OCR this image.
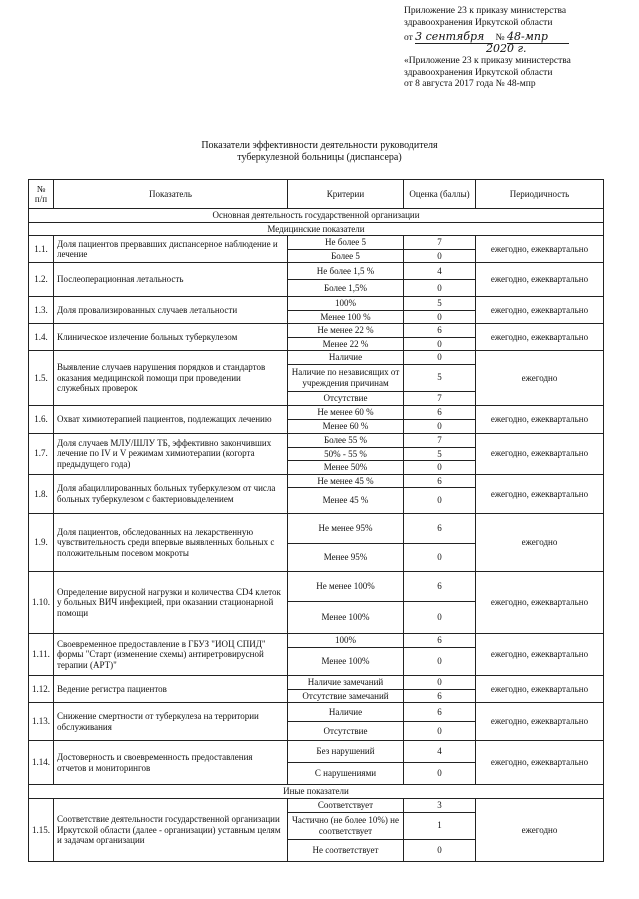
Приложение 23 к приказу министерства
здравоохранения Иркутской области
от 3 сентября № 48-мпр
2020 г.
«Приложение 23 к приказу министерства
здравоохранения Иркутской области
от 8 августа 2017 года № 48-мпр
Показатели эффективности деятельности руководителя
туберкулезной больницы (диспансера)
№ п/п	Показатель	Критерии	Оценка (баллы)	Периодичность
Основная деятельность государственной организации				
Медицинские показатели				
1.1.	Доля пациентов прервавших диспансерное наблюдение и лечение	Не более 5	7	ежегодно, ежеквартально
		Более 5	0	
1.2.	Послеоперационная летальность	Не более 1,5 %	4	ежегодно, ежеквартально
		Более 1,5%	0	
1.3.	Доля провализированных случаев летальности	100%	5	ежегодно, ежеквартально
		Менее 100 %	0	
1.4.	Клиническое излечение больных туберкулезом	Не менее 22 %	6	ежегодно, ежеквартально
		Менее 22 %	0	
1.5.	Выявление случаев нарушения порядков и стандартов оказания медицинской помощи при проведении служебных проверок	Наличие	0	ежегодно
		Наличие по независящих от учреждения причинам	5	
		Отсутствие	7	
1.6.	Охват химиотерапией пациентов, подлежащих лечению	Не менее 60 %	6	ежегодно, ежеквартально
		Менее 60 %	0	
1.7.	Доля случаев МЛУ/ШЛУ ТБ, эффективно закончивших лечение по IV и V режимам химиотерапии (когорта предыдущего года)	Более 55 %	7	ежегодно, ежеквартально
		50% - 55 %	5	
		Менее 50%	0	
1.8.	Доля абациллированных больных туберкулезом от числа больных туберкулезом с бактериовыделением	Не менее 45 %	6	ежегодно, ежеквартально
		Менее 45 %	0	
1.9.	Доля пациентов, обследованных на лекарственную чувствительность среди впервые выявленных больных с положительным посевом мокроты	Не менее 95%	6	ежегодно
		Менее 95%	0	
1.10.	Определение вирусной нагрузки и количества CD4 клеток у больных ВИЧ инфекцией, при оказании стационарной помощи	Не менее 100%	6	ежегодно, ежеквартально
		Менее 100%	0	
1.11.	Своевременное предоставление в ГБУЗ "ИОЦ СПИД" формы "Старт (изменение схемы) антиретровирусной терапии (АРТ)"	100%	6	ежегодно, ежеквартально
		Менее 100%	0	
1.12.	Ведение регистра пациентов	Наличие замечаний	0	ежегодно, ежеквартально
		Отсутствие замечаний	6	
1.13.	Снижение смертности от туберкулеза на территории обслуживания	Наличие	6	ежегодно, ежеквартально
		Отсутствие	0	
1.14.	Достоверность и своевременность предоставления отчетов и мониторингов	Без нарушений	4	ежегодно, ежеквартально
		С нарушениями	0	
Иные показатели				
1.15.	Соответствие деятельности государственной организации Иркутской области (далее - организации) уставным целям и задачам организации	Соответствует	3	ежегодно
		Частично (не более 10%) не соответствует	1	
		Не соответствует	0	
